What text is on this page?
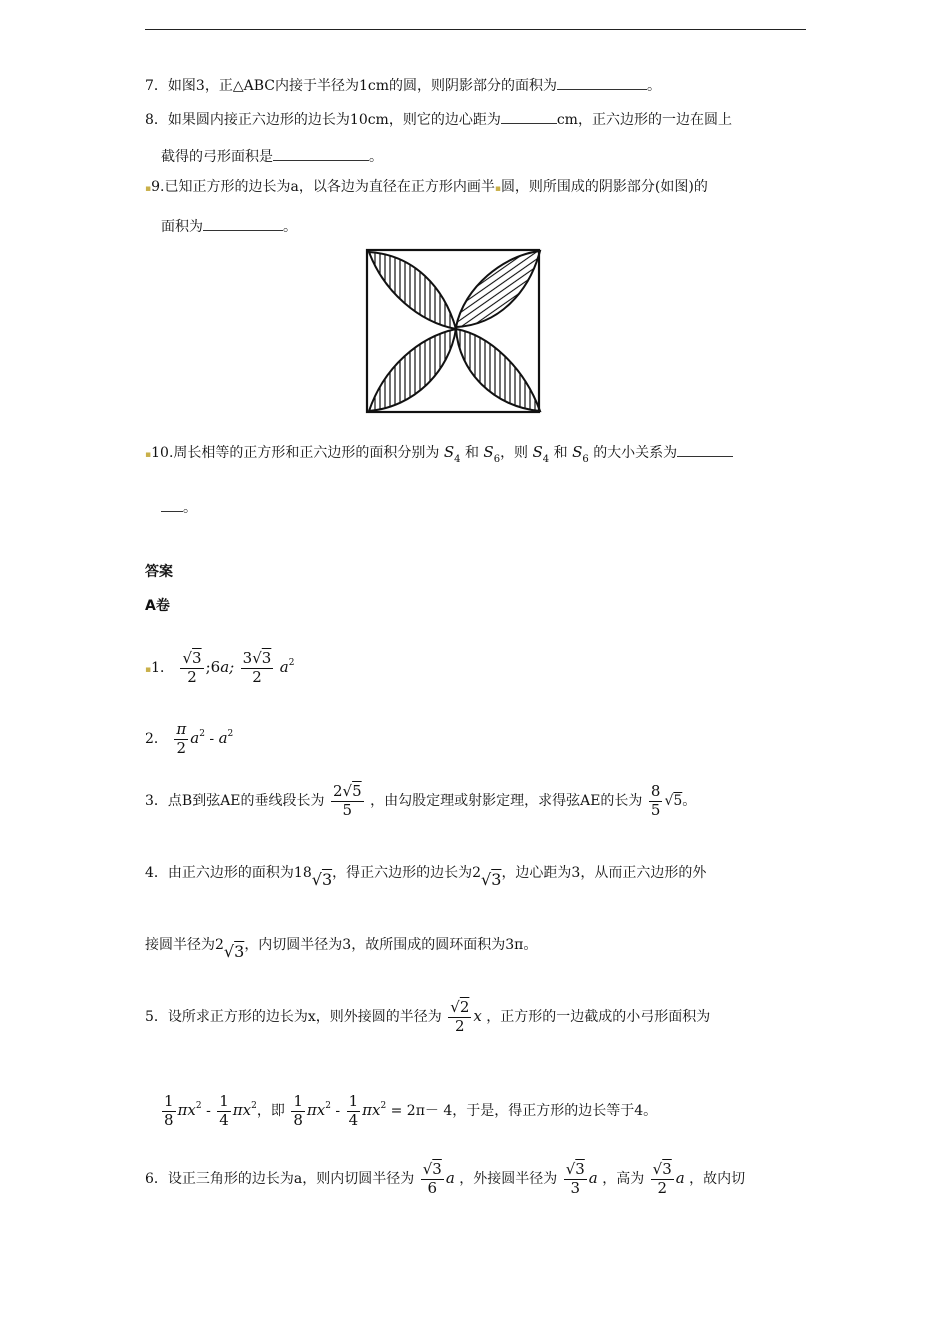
7．如图3，正△ABC内接于半径为1cm的圆，则阴影部分的面积为	。
8．如果圆内接正六边形的边长为10cm，则它的边心距为	cm，正六边形的一边在圆上
截得的弓形面积是	。
▪9.已知正方形的边长为a，以各边为直径在正方形内画半▪圆，则所围成的阴影部分(如图)的
面积为	。
▪10.周长相等的正方形和正六边形的面积分别为 $S_4$ 和 $S_6$，则 $S_4$ 和 $S_6$ 的大小关系为
。
答案
A卷
▪1． $\frac{√3}{2}$ ;6a; $\frac{3√3}{2} a^2$
2． $\frac{\pi}{2} a^2 - a^2$
3．点B到弦AE的垂线段长为 $\frac{2√5}{5}$ ，由勾股定理或射影定理，求得弦AE的长为 $\frac{8}{5} √5$。
4．由正六边形的面积为18√3，得正六边形的边长为2√3，边心距为3，从而正六边形的外
接圆半径为2√3，内切圆半径为3，故所围成的圆环面积为3π。
5．设所求正方形的边长为x，则外接圆的半径为 $\frac{√2}{2}$ x ，正方形的一边截成的小弓形面积为
$\frac{1}{8} \pi x^2 - \frac{1}{4} \pi x^2$，即 $\frac{1}{8} \pi x^2 - \frac{1}{4} \pi x^2 = 2\pi- 4$，于是，得正方形的边长等于4。
6．设正三角形的边长为a，则内切圆半径为 $\frac{√3}{6}$ a ，外接圆半径为 $\frac{√3}{3}$ a ，高为 $\frac{√3}{2}$ a ，故内切
